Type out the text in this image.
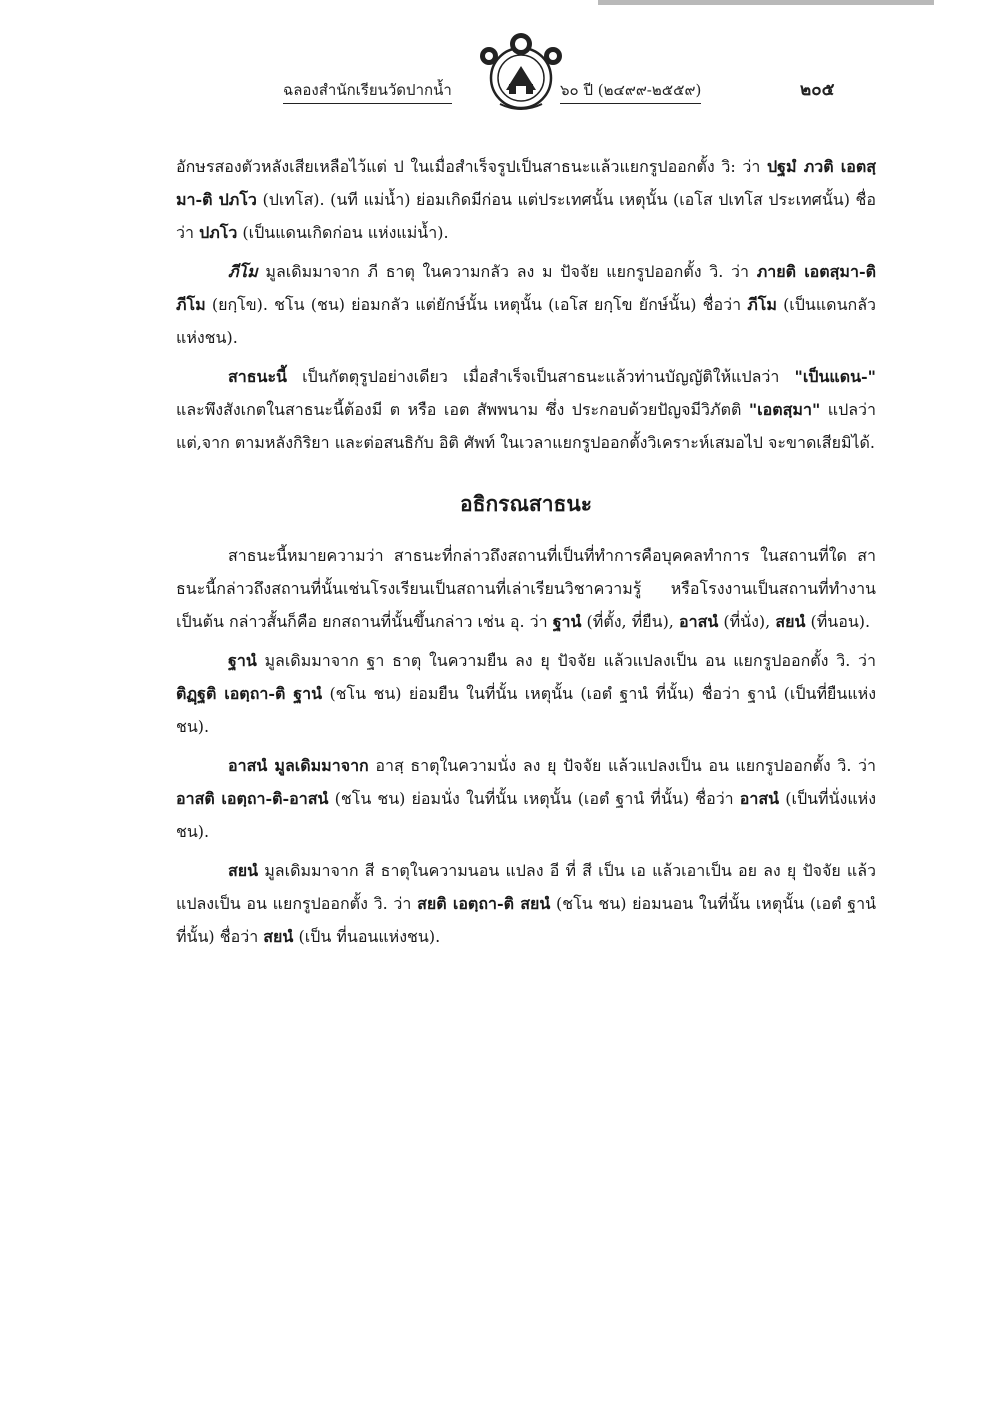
ฉลองสำนักเรียนวัดปากน้ำ	๖๐ ปี (๒๔๙๙-๒๕๕๙)	๒๐๕

อักษรสองตัวหลังเสียเหลือไว้แต่ ป ในเมื่อสำเร็จรูปเป็นสาธนะแล้วแยกรูปออกตั้ง วิ: ว่า ปฐมํ ภวติ เอตสฺมา-ติ ปภโว (ปเทโส). (นที แม่น้ำ) ย่อมเกิดมีก่อน แต่ประเทศนั้น เหตุนั้น (เอโส ปเทโส ประเทศนั้น) ชื่อว่า ปภโว (เป็นแดนเกิดก่อน แห่งแม่น้ำ).

ภีโม มูลเดิมมาจาก ภี ธาตุ ในความกลัว ลง ม ปัจจัย แยกรูปออกตั้ง วิ. ว่า ภายติ เอตสฺมา-ติ ภีโม (ยกฺโข). ชโน (ชน) ย่อมกลัว แต่ยักษ์นั้น เหตุนั้น (เอโส ยกฺโข ยักษ์นั้น) ชื่อว่า ภีโม (เป็นแดนกลัวแห่งชน).

สาธนะนี้ เป็นกัตตุรูปอย่างเดียว เมื่อสำเร็จเป็นสาธนะแล้วท่านบัญญัติให้แปลว่า "เป็นแดน-" และพึงสังเกตในสาธนะนี้ต้องมี ต หรือ เอต สัพพนาม ซึ่ง ประกอบด้วยปัญจมีวิภัตติ "เอตสฺมา" แปลว่า แต่,จาก ตามหลังกิริยา และต่อสนธิกับ อิติ ศัพท์ ในเวลาแยกรูปออกตั้งวิเคราะห์เสมอไป จะขาดเสียมิได้.

อธิกรณสาธนะ

สาธนะนี้หมายความว่า สาธนะที่กล่าวถึงสถานที่เป็นที่ทำการคือบุคคลทำการ ในสถานที่ใด สาธนะนี้กล่าวถึงสถานที่นั้นเช่นโรงเรียนเป็นสถานที่เล่าเรียนวิชาความรู้ หรือโรงงานเป็นสถานที่ทำงาน เป็นต้น กล่าวสั้นก็คือ ยกสถานที่นั้นขึ้นกล่าว เช่น อุ. ว่า ฐานํ (ที่ตั้ง, ที่ยืน), อาสนํ (ที่นั่ง), สยนํ (ที่นอน).

ฐานํ มูลเดิมมาจาก ฐา ธาตุ ในความยืน ลง ยุ ปัจจัย แล้วแปลงเป็น อน แยกรูปออกตั้ง วิ. ว่า ติฏฺฐติ เอตฺถา-ติ ฐานํ (ชโน ชน) ย่อมยืน ในที่นั้น เหตุนั้น (เอตํ ฐานํ ที่นั้น) ชื่อว่า ฐานํ (เป็นที่ยืนแห่งชน).

อาสนํ มูลเดิมมาจาก อาสฺ ธาตุในความนั่ง ลง ยุ ปัจจัย แล้วแปลงเป็น อน แยกรูปออกตั้ง วิ. ว่า อาสติ เอตฺถา-ติ-อาสนํ (ชโน ชน) ย่อมนั่ง ในที่นั้น เหตุนั้น (เอตํ ฐานํ ที่นั้น) ชื่อว่า อาสนํ (เป็นที่นั่งแห่งชน).

สยนํ มูลเดิมมาจาก สี ธาตุในความนอน แปลง อี ที่ สี เป็น เอ แล้วเอาเป็น อย ลง ยุ ปัจจัย แล้วแปลงเป็น อน แยกรูปออกตั้ง วิ. ว่า สยติ เอตฺถา-ติ สยนํ (ชโน ชน) ย่อมนอน ในที่นั้น เหตุนั้น (เอตํ ฐานํ ที่นั้น) ชื่อว่า สยนํ (เป็น ที่นอนแห่งชน).
